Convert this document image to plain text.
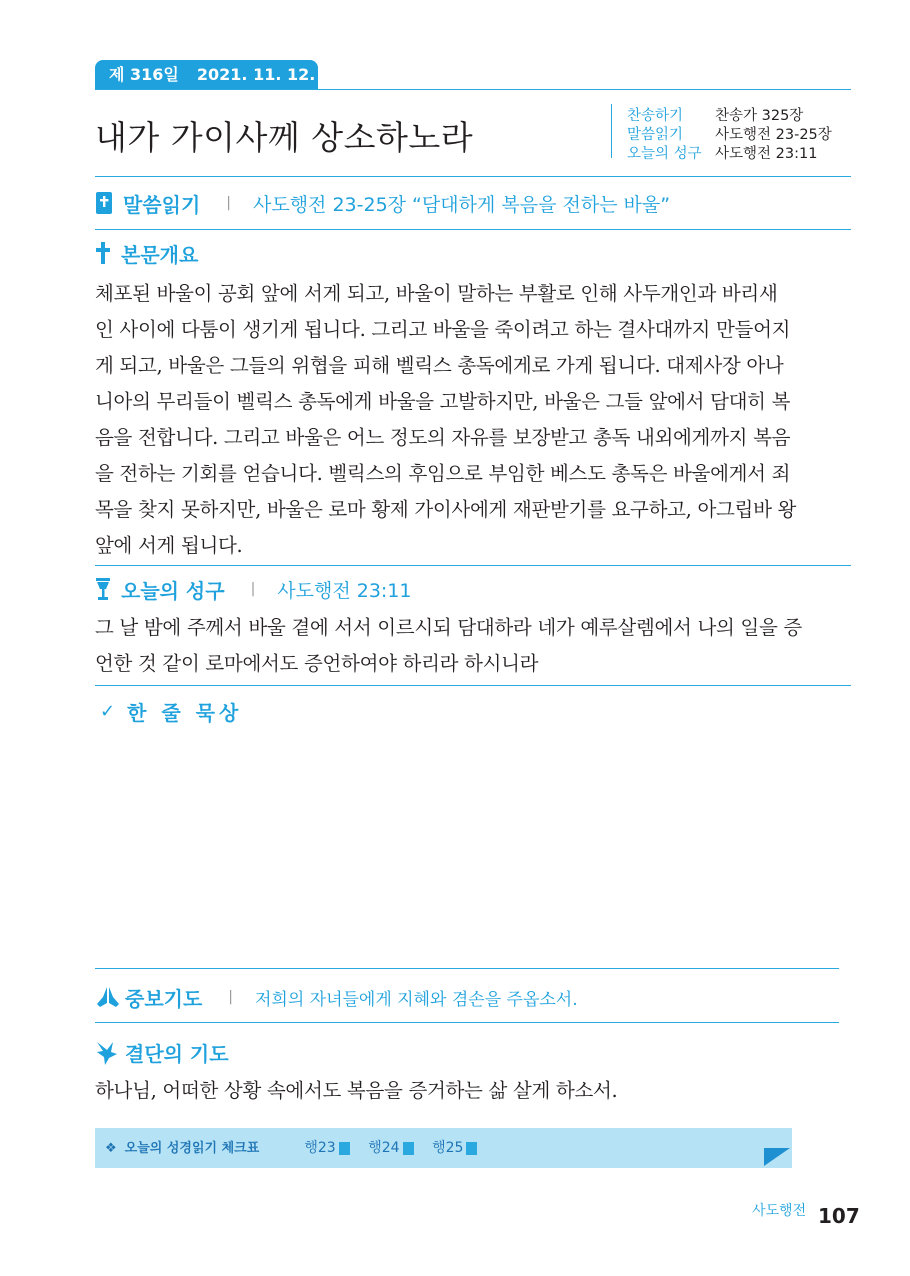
제 316일 2021. 11. 12. 금
내가 가이사께 상소하노라
찬송하기 찬송가 325장
말씀읽기 사도행전 23-25장
오늘의 성구 사도행전 23:11
말씀읽기 | 사도행전 23-25장 “담대하게 복음을 전하는 바울”
본문개요
체포된 바울이 공회 앞에 서게 되고, 바울이 말하는 부활로 인해 사두개인과 바리새
인 사이에 다툼이 생기게 됩니다. 그리고 바울을 죽이려고 하는 결사대까지 만들어지
게 되고, 바울은 그들의 위협을 피해 벨릭스 총독에게로 가게 됩니다. 대제사장 아나
니아의 무리들이 벨릭스 총독에게 바울을 고발하지만, 바울은 그들 앞에서 담대히 복
음을 전합니다. 그리고 바울은 어느 정도의 자유를 보장받고 총독 내외에게까지 복음
을 전하는 기회를 얻습니다. 벨릭스의 후임으로 부임한 베스도 총독은 바울에게서 죄
목을 찾지 못하지만, 바울은 로마 황제 가이사에게 재판받기를 요구하고, 아그립바 왕
앞에 서게 됩니다.
오늘의 성구 | 사도행전 23:11
그 날 밤에 주께서 바울 곁에 서서 이르시되 담대하라 네가 예루살렘에서 나의 일을 증
언한 것 같이 로마에서도 증언하여야 하리라 하시니라
✓ 한 줄 묵상
중보기도 | 저희의 자녀들에게 지혜와 겸손을 주옵소서.
결단의 기도
하나님, 어떠한 상황 속에서도 복음을 증거하는 삶 살게 하소서.
❖ 오늘의 성경읽기 체크표	행23 행24 행25
사도행전 107
